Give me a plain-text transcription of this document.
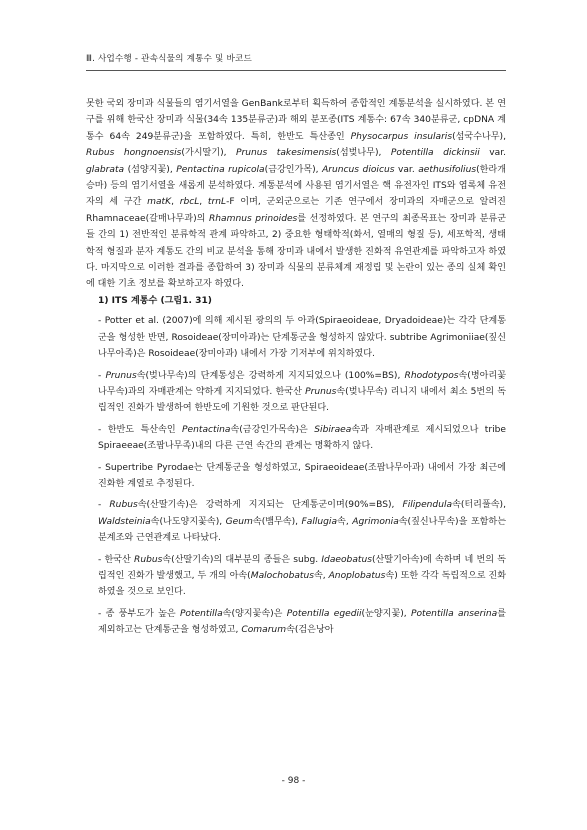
Ⅲ. 사업수행 - 관속식물의 계통수 및 바코드

못한 국외 장미과 식물들의 염기서열을 GenBank로부터 획득하여 종합적인 계통분석을 실시하였다. 본 연구를 위해 한국산 장미과 식물(34속 135분류군)과 해외 분포종(ITS 계통수: 67속 340분류군, cpDNA 계통수 64속 249분류군)을 포함하였다. 특히, 한반도 특산종인 Physocarpus insularis(섬국수나무), Rubus hongnoensis(가시딸기), Prunus takesimensis(섬벚나무), Potentilla dickinsii var. glabrata (섬양지꽃), Pentactina rupicola(금강인가목), Aruncus dioicus var. aethusifolius(한라개승마) 등의 염기서열을 새롭게 분석하였다. 계통분석에 사용된 염기서열은 핵 유전자인 ITS와 엽록체 유전자의 세 구간 matK, rbcL, trnL-F 이며, 군외군으로는 기존 연구에서 장미과의 자매군으로 알려진 Rhamnaceae(갈매나무과)의 Rhamnus prinoides를 선정하였다. 본 연구의 최종목표는 장미과 분류군들 간의 1) 전반적인 분류학적 관계 파악하고, 2) 중요한 형태학적(화서, 열매의 형질 등), 세포학적, 생태학적 형질과 분자 계통도 간의 비교 분석을 통해 장미과 내에서 발생한 진화적 유연관계를 파악하고자 하였다. 마지막으로 이러한 결과를 종합하여 3) 장미과 식물의 분류체계 재정립 및 논란이 있는 종의 실체 확인에 대한 기초 정보를 확보하고자 하였다.

1) ITS 계통수 (그림1. 31)

- Potter et al. (2007)에 의해 제시된 광의의 두 아과(Spiraeoideae, Dryadoideae)는 각각 단계통군을 형성한 반면, Rosoideae(장미아과)는 단계통군을 형성하지 않았다. subtribe Agrimoniiae(짚신나무아족)은 Rosoideae(장미아과) 내에서 가장 기저부에 위치하였다.

- Prunus속(벚나무속)의 단계통성은 강력하게 지지되었으나 (100%=BS), Rhodotypos속(병아리꽃나무속)과의 자매관계는 약하게 지지되었다. 한국산 Prunus속(벚나무속) 리니지 내에서 최소 5번의 독립적인 진화가 발생하여 한반도에 기원한 것으로 판단된다.

- 한반도 특산속인 Pentactina속(금강인가목속)은 Sibiraea속과 자매관계로 제시되었으나 tribe Spiraeeae(조팝나무족)내의 다른 근연 속간의 관계는 명확하지 않다.

- Supertribe Pyrodae는 단계통군을 형성하였고, Spiraeoideae(조팝나무아과) 내에서 가장 최근에 진화한 계열로 추정된다.

- Rubus속(산딸기속)은 강력하게 지지되는 단계통군이며(90%=BS), Filipendula속(터리풀속), Waldsteinia속(나도양지꽃속), Geum속(뱀무속), Fallugia속, Agrimonia속(짚신나무속)을 포함하는 분계조와 근연관계로 나타났다.

- 한국산 Rubus속(산딸기속)의 대부분의 종들은 subg. Idaeobatus(산딸기아속)에 속하며 네 번의 독립적인 진화가 발생했고, 두 개의 아속(Malochobatus속, Anoplobatus속) 또한 각각 독립적으로 진화하였을 것으로 보인다.

- 종 풍부도가 높은 Potentilla속(양지꽃속)은 Potentilla egedii(눈양지꽃), Potentilla anserina를 제외하고는 단계통군을 형성하였고, Comarum속(검은낭아

- 98 -
